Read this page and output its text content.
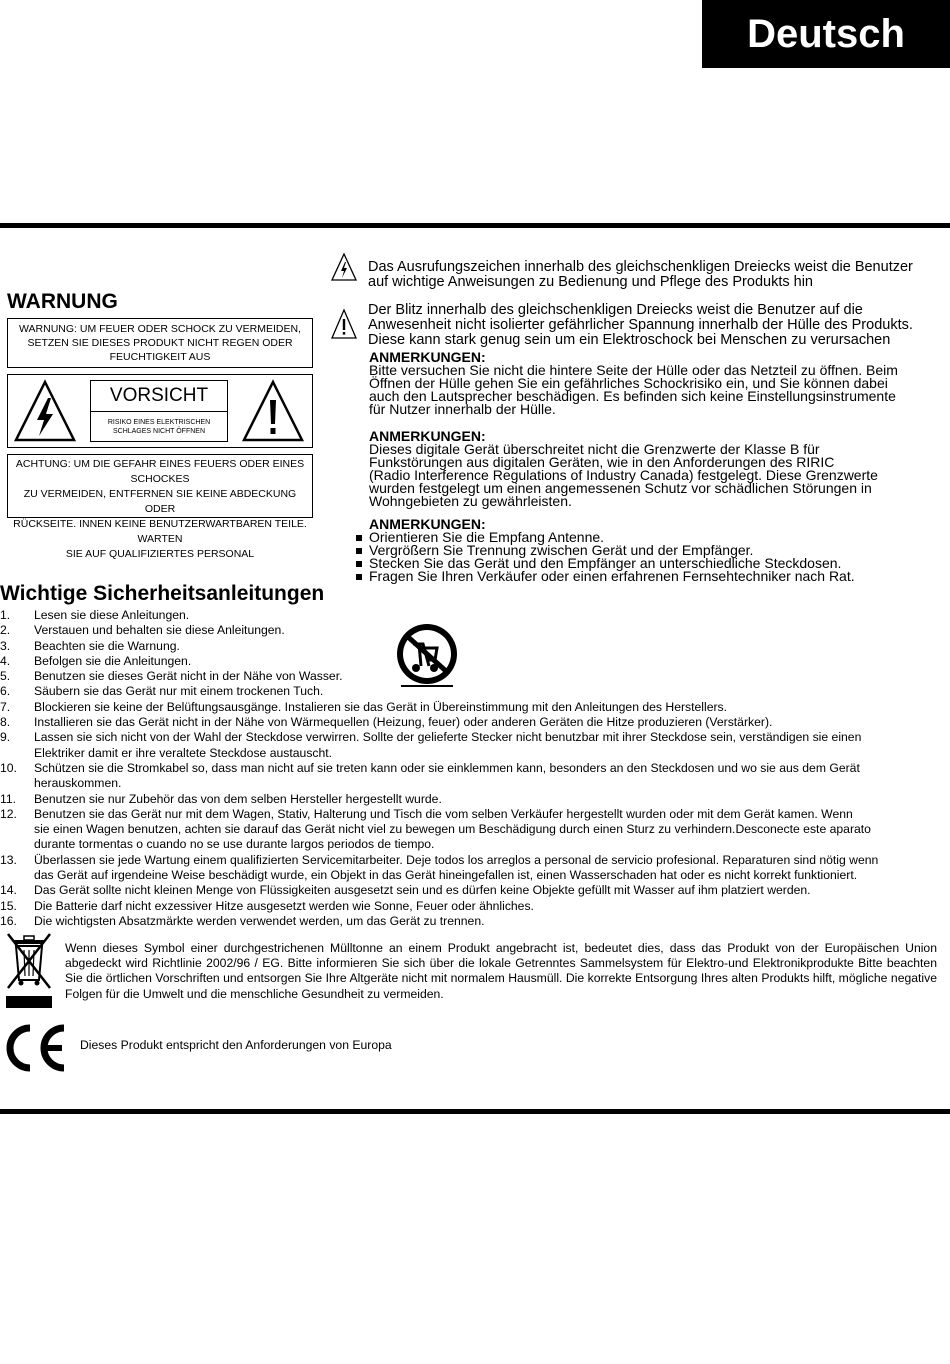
Deutsch
Das Ausrufungszeichen innerhalb des gleichschenkligen Dreiecks weist die Benutzer
auf wichtige Anweisungen zu Bedienung und Pflege des Produkts hin
Der Blitz innerhalb des gleichschenkligen Dreiecks weist die Benutzer auf die
Anwesenheit nicht isolierter gefährlicher Spannung innerhalb der Hülle des Produkts.
Diese kann stark genug sein um ein Elektroschock bei Menschen zu verursachen
ANMERKUNGEN:
Bitte versuchen Sie nicht die hintere Seite der Hülle oder das Netzteil zu öffnen. Beim
Öffnen der Hülle gehen Sie ein gefährliches Schockrisiko ein, und Sie können dabei
auch den Lautsprecher beschädigen. Es befinden sich keine Einstellungsinstrumente
für Nutzer innerhalb der Hülle.
ANMERKUNGEN:
Dieses digitale Gerät überschreitet nicht die Grenzwerte der Klasse B für
Funkstörungen aus digitalen Geräten, wie in den Anforderungen des RIRIC
(Radio Interference Regulations of Industry Canada) festgelegt. Diese Grenzwerte
wurden festgelegt um einen angemessenen Schutz vor schädlichen Störungen in
Wohngebieten zu gewährleisten.
ANMERKUNGEN:
Orientieren Sie die Empfang Antenne.
Vergrößern Sie Trennung zwischen Gerät und der Empfänger.
Stecken Sie das Gerät und den Empfänger an unterschiedliche Steckdosen.
Fragen Sie Ihren Verkäufer oder einen erfahrenen Fernsehtechniker nach Rat.
WARNUNG
WARNUNG: UM FEUER ODER SCHOCK ZU VERMEIDEN,
SETZEN SIE DIESES PRODUKT NICHT REGEN ODER
FEUCHTIGKEIT AUS
VORSICHT
RISIKO EINES ELEKTRISCHEN
SCHLAGES NICHT ÖFFNEN
ACHTUNG: UM DIE GEFAHR EINES FEUERS ODER EINES SCHOCKES
ZU VERMEIDEN, ENTFERNEN SIE KEINE ABDECKUNG ODER
RÜCKSEITE. INNEN KEINE BENUTZERWARTBAREN TEILE. WARTEN
SIE AUF QUALIFIZIERTES PERSONAL
Wichtige Sicherheitsanleitungen
1.	Lesen sie diese Anleitungen.
2.	Verstauen und behalten sie diese Anleitungen.
3.	Beachten sie die Warnung.
4.	Befolgen sie die Anleitungen.
5.	Benutzen sie dieses Gerät nicht in der Nähe von Wasser.
6.	Säubern sie das Gerät nur mit einem trockenen Tuch.
7.	Blockieren sie keine der Belüftungsausgänge. Instalieren sie das Gerät in Übereinstimmung mit den Anleitungen des Herstellers.
8.	Installieren sie das Gerät nicht in der Nähe von Wärmequellen (Heizung, feuer) oder anderen Geräten die Hitze produzieren (Verstärker).
9.	Lassen sie sich nicht von der Wahl der Steckdose verwirren. Sollte der gelieferte Stecker nicht benutzbar mit ihrer Steckdose sein, verständigen sie einen
Elektriker damit er ihre veraltete Steckdose austauscht.
10.	Schützen sie die Stromkabel so, dass man nicht auf sie treten kann oder sie einklemmen kann, besonders an den Steckdosen und wo sie aus dem Gerät
herauskommen.
11.	Benutzen sie nur Zubehör das von dem selben Hersteller hergestellt wurde.
12.	Benutzen sie das Gerät nur mit dem Wagen, Stativ, Halterung und Tisch die vom selben Verkäufer hergestellt wurden oder mit dem Gerät kamen. Wenn
sie einen Wagen benutzen, achten sie darauf das Gerät nicht viel zu bewegen um Beschädigung durch einen Sturz zu verhindern.Desconecte este aparato
durante tormentas o cuando no se use durante largos periodos de tiempo.
13.	Überlassen sie jede Wartung einem qualifizierten Servicemitarbeiter. Deje todos los arreglos a personal de servicio profesional. Reparaturen sind nötig wenn
das Gerät auf irgendeine Weise beschädigt wurde, ein Objekt in das Gerät hineingefallen ist, einen Wasserschaden hat oder es nicht korrekt funktioniert.
14.	Das Gerät sollte nicht kleinen Menge von Flüssigkeiten ausgesetzt sein und es dürfen keine Objekte gefüllt mit Wasser auf ihm platziert werden.
15.	Die Batterie darf nicht exzessiver Hitze ausgesetzt werden wie Sonne, Feuer oder ähnliches.
16.	Die wichtigsten Absatzmärkte werden verwendet werden, um das Gerät zu trennen.
Wenn dieses Symbol einer durchgestrichenen Mülltonne an einem Produkt angebracht ist, bedeutet dies, dass das Produkt von der Europäischen Union abgedeckt wird Richtlinie 2002/96 / EG. Bitte informieren Sie sich über die lokale Getrenntes Sammelsystem für Elektro-und Elektronikprodukte Bitte beachten Sie die örtlichen Vorschriften und entsorgen Sie Ihre Altgeräte nicht mit normalem Hausmüll. Die korrekte Entsorgung Ihres alten Produkts hilft, mögliche negative Folgen für die Umwelt und die menschliche Gesundheit zu vermeiden.
Dieses Produkt entspricht den Anforderungen von Europa
